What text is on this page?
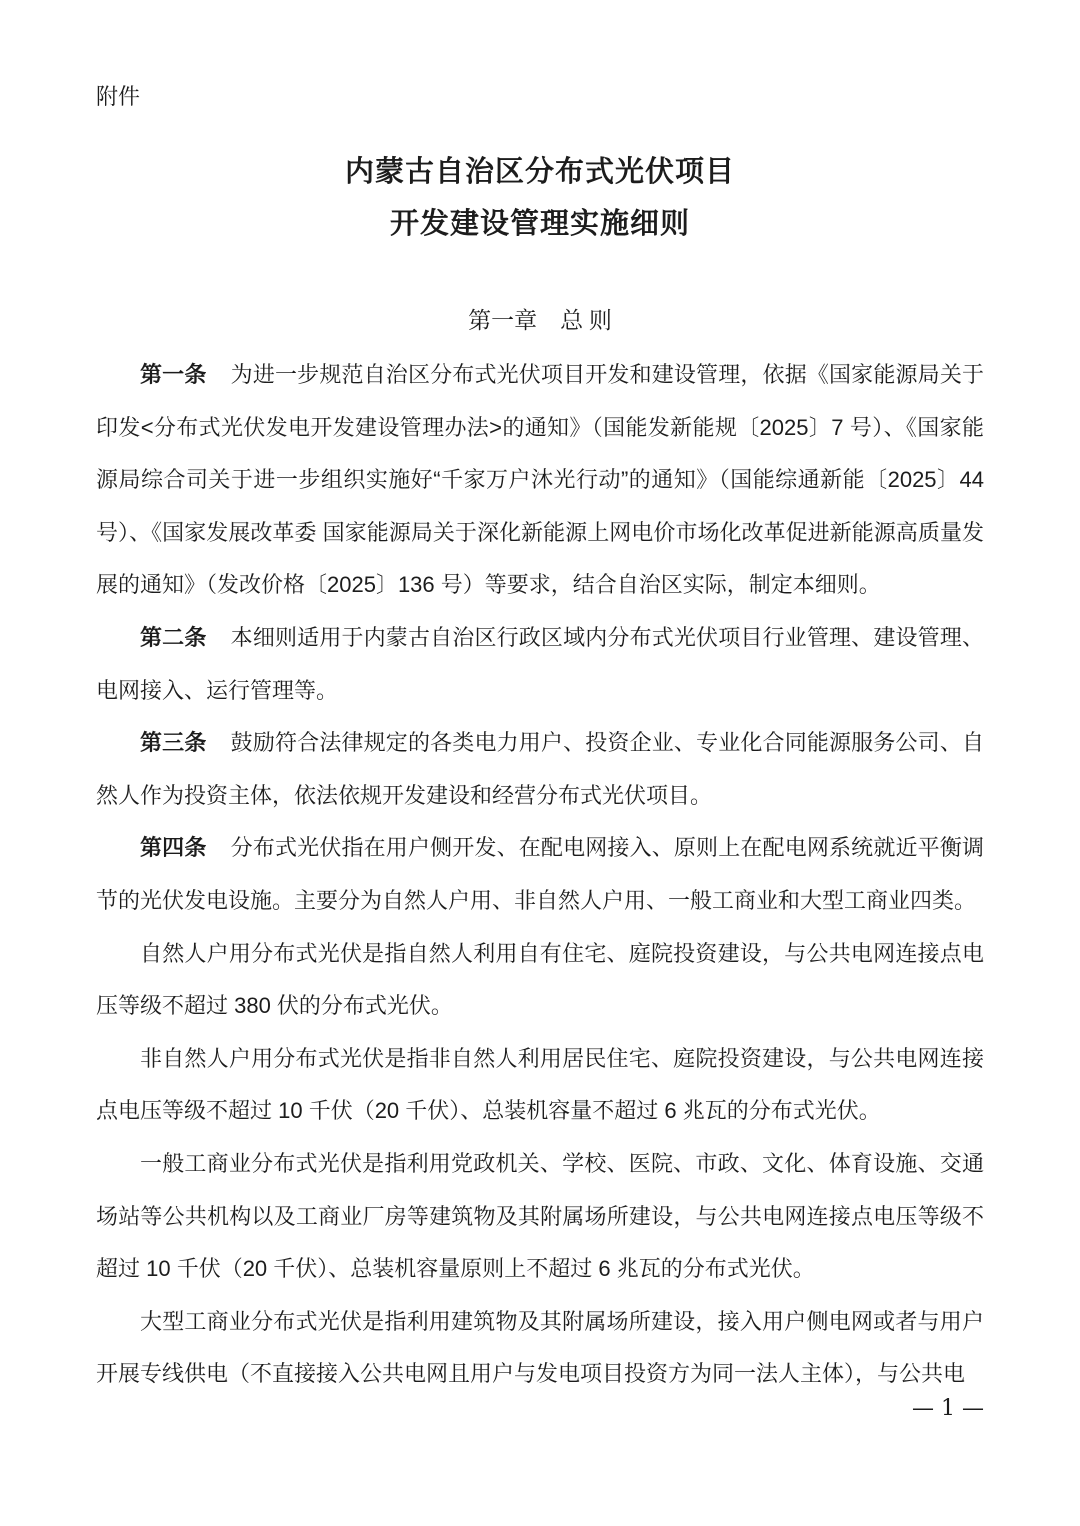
附件
内蒙古自治区分布式光伏项目
开发建设管理实施细则
第一章　总 则

第一条 为进一步规范自治区分布式光伏项目开发和建设管理，依据《国家能源局关于印发<分布式光伏发电开发建设管理办法>的通知》（国能发新能规〔2025〕7 号）、《国家能源局综合司关于进一步组织实施好“千家万户沐光行动”的通知》（国能综通新能〔2025〕44 号）、《国家发展改革委 国家能源局关于深化新能源上网电价市场化改革促进新能源高质量发展的通知》（发改价格〔2025〕136 号）等要求，结合自治区实际，制定本细则。

第二条 本细则适用于内蒙古自治区行政区域内分布式光伏项目行业管理、建设管理、电网接入、运行管理等。

第三条 鼓励符合法律规定的各类电力用户、投资企业、专业化合同能源服务公司、自然人作为投资主体，依法依规开发建设和经营分布式光伏项目。

第四条 分布式光伏指在用户侧开发、在配电网接入、原则上在配电网系统就近平衡调节的光伏发电设施。主要分为自然人户用、非自然人户用、一般工商业和大型工商业四类。

自然人户用分布式光伏是指自然人利用自有住宅、庭院投资建设，与公共电网连接点电压等级不超过 380 伏的分布式光伏。

非自然人户用分布式光伏是指非自然人利用居民住宅、庭院投资建设，与公共电网连接点电压等级不超过 10 千伏（20 千伏）、总装机容量不超过 6 兆瓦的分布式光伏。

一般工商业分布式光伏是指利用党政机关、学校、医院、市政、文化、体育设施、交通场站等公共机构以及工商业厂房等建筑物及其附属场所建设，与公共电网连接点电压等级不超过 10 千伏（20 千伏）、总装机容量原则上不超过 6 兆瓦的分布式光伏。

大型工商业分布式光伏是指利用建筑物及其附属场所建设，接入用户侧电网或者与用户开展专线供电（不直接接入公共电网且用户与发电项目投资方为同一法人主体），与公共电

— 1 —
